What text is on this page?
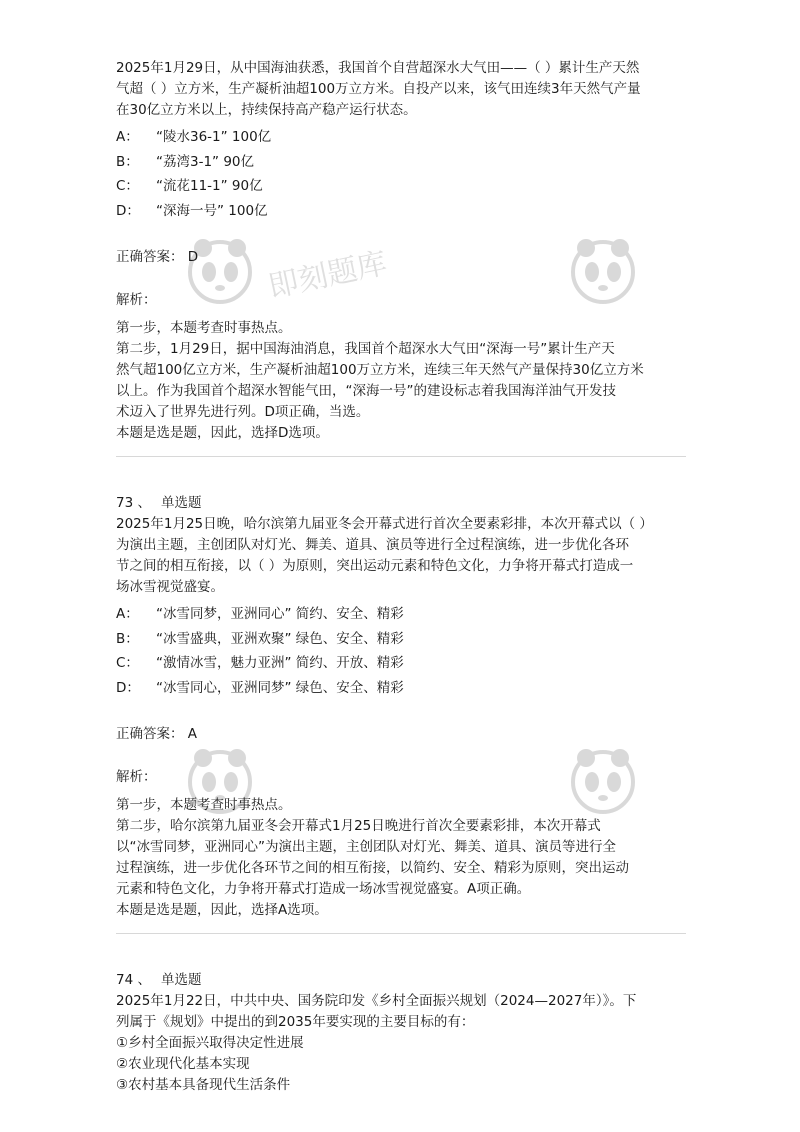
即刻题库

2025年1月29日，从中国海油获悉，我国首个自营超深水大气田——（ ）累计生产天然

气超（ ）立方米，生产凝析油超100万立方米。自投产以来，该气田连续3年天然气产量

在30亿立方米以上，持续保持高产稳产运行状态。

A： “陵水36-1” 100亿
B： “荔湾3-1” 90亿
C： “流花11-1” 90亿
D： “深海一号” 100亿
正确答案： D
解析：

第一步，本题考查时事热点。

第二步，1月29日，据中国海油消息，我国首个超深水大气田“深海一号”累计生产天

然气超100亿立方米，生产凝析油超100万立方米，连续三年天然气产量保持30亿立方米

以上。作为我国首个超深水智能气田，“深海一号”的建设标志着我国海洋油气开发技

术迈入了世界先进行列。D项正确，当选。

本题是选是题，因此，选择D选项。

73 、 单选题

2025年1月25日晚，哈尔滨第九届亚冬会开幕式进行首次全要素彩排，本次开幕式以（ ）

为演出主题，主创团队对灯光、舞美、道具、演员等进行全过程演练，进一步优化各环

节之间的相互衔接，以（ ）为原则，突出运动元素和特色文化，力争将开幕式打造成一

场冰雪视觉盛宴。

A： “冰雪同梦，亚洲同心” 简约、安全、精彩
B： “冰雪盛典，亚洲欢聚” 绿色、安全、精彩
C： “激情冰雪，魅力亚洲” 简约、开放、精彩
D： “冰雪同心，亚洲同梦” 绿色、安全、精彩
正确答案： A
解析：

第一步，本题考查时事热点。

第二步，哈尔滨第九届亚冬会开幕式1月25日晚进行首次全要素彩排，本次开幕式

以“冰雪同梦，亚洲同心”为演出主题，主创团队对灯光、舞美、道具、演员等进行全

过程演练，进一步优化各环节之间的相互衔接，以简约、安全、精彩为原则，突出运动

元素和特色文化，力争将开幕式打造成一场冰雪视觉盛宴。A项正确。

本题是选是题，因此，选择A选项。

74 、 单选题

2025年1月22日，中共中央、国务院印发《乡村全面振兴规划（2024—2027年）》。下

列属于《规划》中提出的到2035年要实现的主要目标的有：

①乡村全面振兴取得决定性进展

②农业现代化基本实现

③农村基本具备现代生活条件
